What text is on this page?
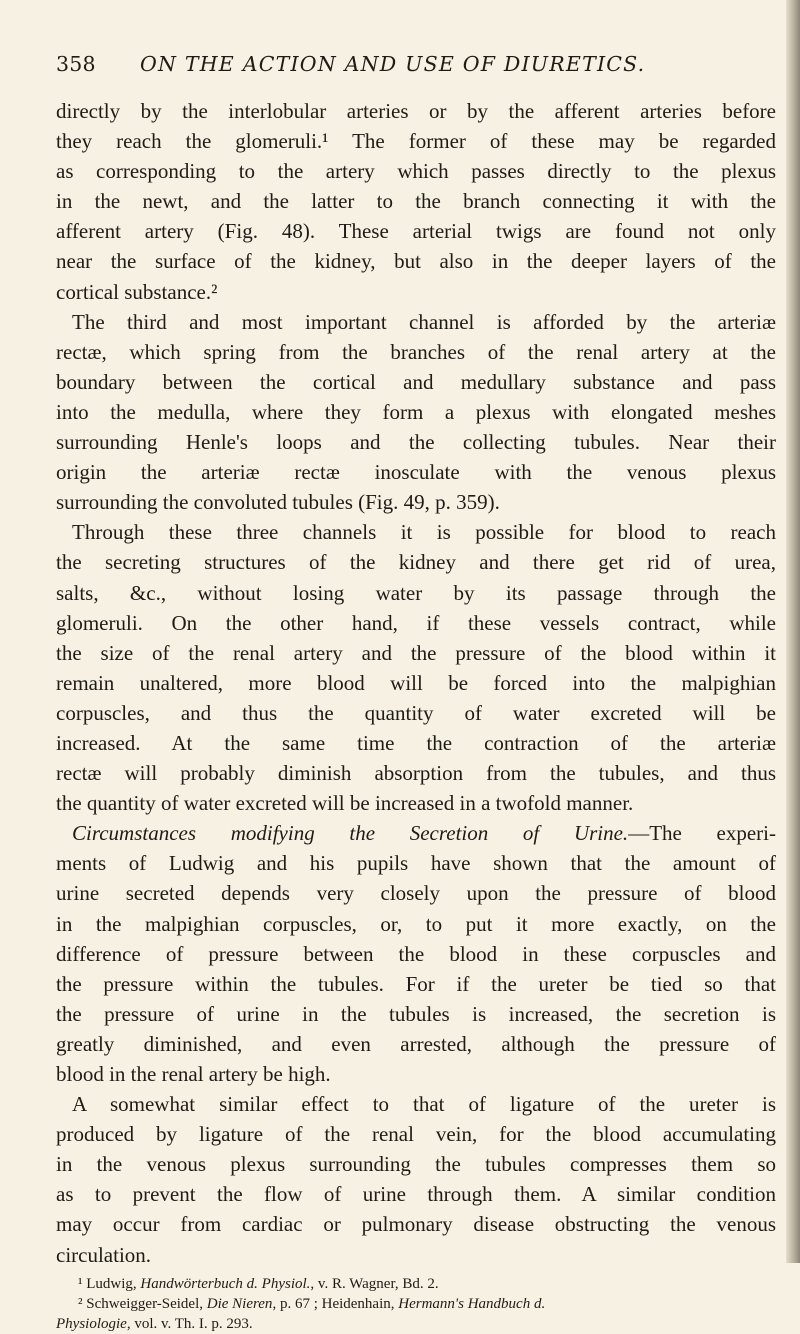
358	ON THE ACTION AND USE OF DIURETICS.

directly by the interlobular arteries or by the afferent arteries before
they reach the glomeruli.¹ The former of these may be regarded
as corresponding to the artery which passes directly to the plexus
in the newt, and the latter to the branch connecting it with the
afferent artery (Fig. 48). These arterial twigs are found not only
near the surface of the kidney, but also in the deeper layers of the
cortical substance.²

The third and most important channel is afforded by the arteriæ
rectæ, which spring from the branches of the renal artery at the
boundary between the cortical and medullary substance and pass
into the medulla, where they form a plexus with elongated meshes
surrounding Henle's loops and the collecting tubules. Near their
origin the arteriæ rectæ inosculate with the venous plexus
surrounding the convoluted tubules (Fig. 49, p. 359).

Through these three channels it is possible for blood to reach
the secreting structures of the kidney and there get rid of urea,
salts, &c., without losing water by its passage through the
glomeruli. On the other hand, if these vessels contract, while
the size of the renal artery and the pressure of the blood within it
remain unaltered, more blood will be forced into the malpighian
corpuscles, and thus the quantity of water excreted will be
increased. At the same time the contraction of the arteriæ
rectæ will probably diminish absorption from the tubules, and thus
the quantity of water excreted will be increased in a twofold manner.

Circumstances modifying the Secretion of Urine.—The experi-
ments of Ludwig and his pupils have shown that the amount of
urine secreted depends very closely upon the pressure of blood
in the malpighian corpuscles, or, to put it more exactly, on the
difference of pressure between the blood in these corpuscles and
the pressure within the tubules. For if the ureter be tied so that
the pressure of urine in the tubules is increased, the secretion is
greatly diminished, and even arrested, although the pressure of
blood in the renal artery be high.

A somewhat similar effect to that of ligature of the ureter is
produced by ligature of the renal vein, for the blood accumulating
in the venous plexus surrounding the tubules compresses them so
as to prevent the flow of urine through them. A similar condition
may occur from cardiac or pulmonary disease obstructing the venous
circulation.

¹ Ludwig, Handwörterbuch d. Physiol., v. R. Wagner, Bd. 2.
² Schweigger-Seidel, Die Nieren, p. 67 ; Heidenhain, Hermann's Handbuch d.
Physiologie, vol. v. Th. I. p. 293.
